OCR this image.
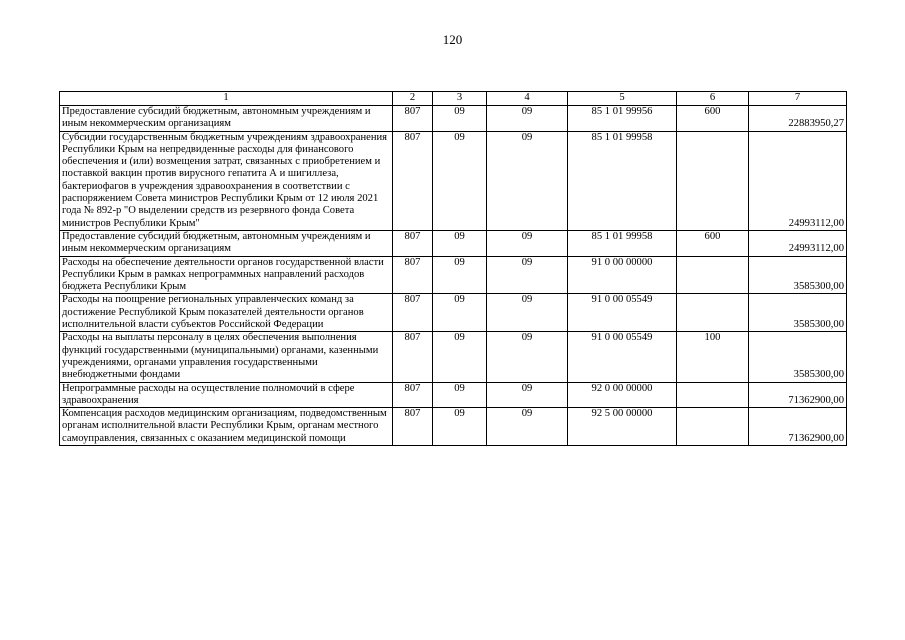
120
1	2	3	4	5	6	7
Предоставление субсидий бюджетным, автономным учреждениям и иным некоммерческим организациям	807	09	09	85 1 01 99956	600	22883950,27
Субсидии государственным бюджетным учреждениям здравоохранения Республики Крым на непредвиденные расходы для финансового обеспечения и (или) возмещения затрат, связанных с приобретением и поставкой вакцин против вирусного гепатита А и шигиллеза, бактериофагов в учреждения здравоохранения в соответствии с распоряжением Совета министров Республики Крым от 12 июля 2021 года № 892-р "О выделении средств из резервного фонда Совета министров Республики Крым"	807	09	09	85 1 01 99958		24993112,00
Предоставление субсидий бюджетным, автономным учреждениям и иным некоммерческим организациям	807	09	09	85 1 01 99958	600	24993112,00
Расходы на обеспечение деятельности органов государственной власти Республики Крым в рамках непрограммных направлений расходов бюджета Республики Крым	807	09	09	91 0 00 00000		3585300,00
Расходы на поощрение региональных управленческих команд за достижение Республикой Крым показателей деятельности органов исполнительной власти субъектов Российской Федерации	807	09	09	91 0 00 05549		3585300,00
Расходы на выплаты персоналу в целях обеспечения выполнения функций государственными (муниципальными) органами, казенными учреждениями, органами управления государственными внебюджетными фондами	807	09	09	91 0 00 05549	100	3585300,00
Непрограммные расходы на осуществление полномочий в сфере здравоохранения	807	09	09	92 0 00 00000		71362900,00
Компенсация расходов медицинским организациям, подведомственным органам исполнительной власти Республики Крым, органам местного самоуправления, связанных с оказанием медицинской помощи	807	09	09	92 5 00 00000		71362900,00
